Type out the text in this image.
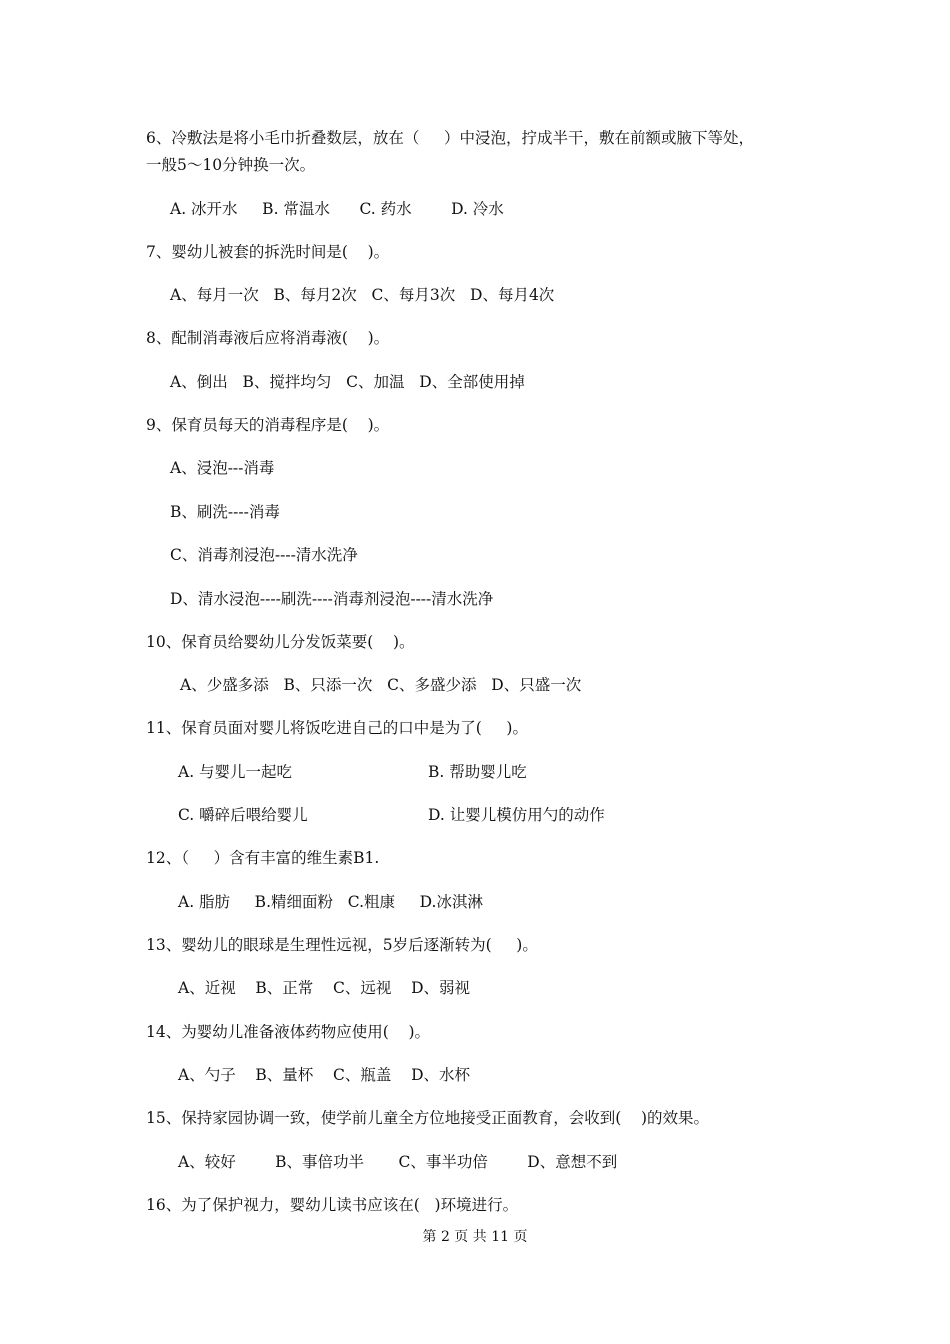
6、冷敷法是将小毛巾折叠数层，放在（     ）中浸泡，拧成半干，敷在前额或腋下等处，
一般5～10分钟换一次。
A. 冰开水     B. 常温水      C. 药水        D. 冷水
7、婴幼儿被套的拆洗时间是(    )。
A、每月一次   B、每月2次   C、每月3次   D、每月4次
8、配制消毒液后应将消毒液(    )。
A、倒出   B、搅拌均匀   C、加温   D、全部使用掉
9、保育员每天的消毒程序是(    )。
A、浸泡---消毒
B、刷洗----消毒
C、消毒剂浸泡----清水洗净
D、清水浸泡----刷洗----消毒剂浸泡----清水洗净
10、保育员给婴幼儿分发饭菜要(    )。
A、少盛多添   B、只添一次   C、多盛少添   D、只盛一次
11、保育员面对婴儿将饭吃进自己的口中是为了(     )。
A. 与婴儿一起吃	B. 帮助婴儿吃
C. 嚼碎后喂给婴儿	D. 让婴儿模仿用勺的动作
12、（     ）含有丰富的维生素B1.
A. 脂肪     B.精细面粉   C.粗康     D.冰淇淋
13、婴幼儿的眼球是生理性远视，5岁后逐渐转为(     )。
A、近视    B、正常    C、远视    D、弱视
14、为婴幼儿准备液体药物应使用(    )。
A、勺子    B、量杯    C、瓶盖    D、水杯
15、保持家园协调一致，使学前儿童全方位地接受正面教育，会收到(    )的效果。
A、较好        B、事倍功半       C、事半功倍        D、意想不到
16、为了保护视力，婴幼儿读书应该在(   )环境进行。
第 2 页 共 11 页
